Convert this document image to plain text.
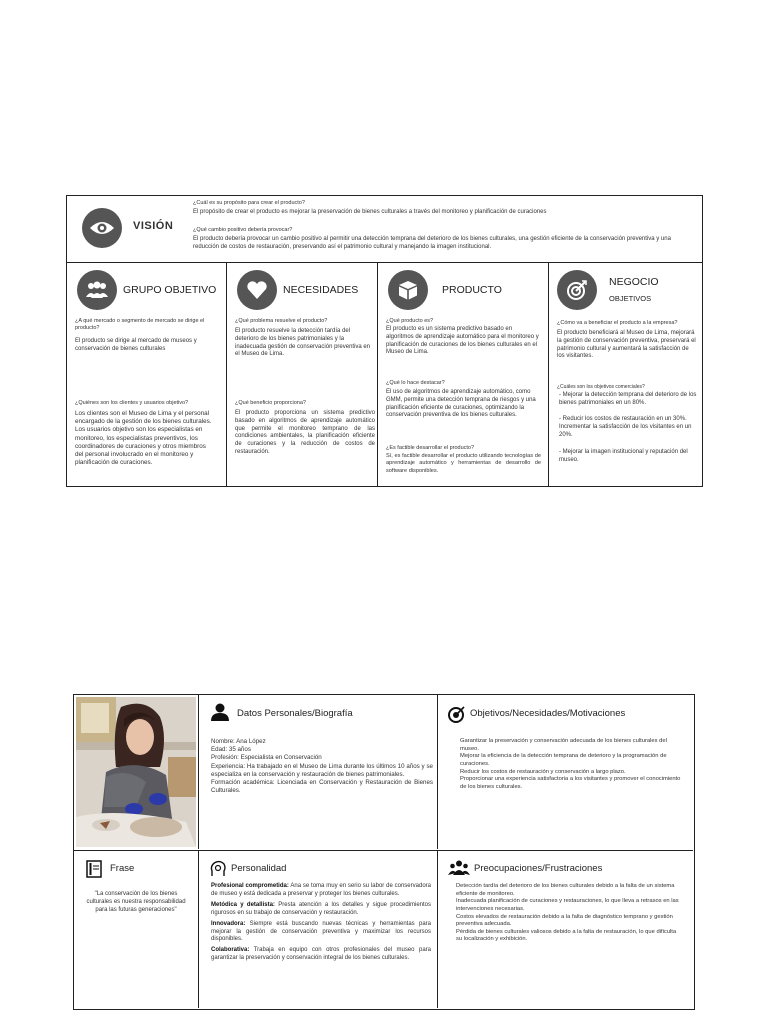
VISIÓN
¿Cuál es su propósito para crear el producto?
El propósito de crear el producto es mejorar la preservación de bienes culturales a través del monitoreo y planificación de curaciones
¿Qué cambio positivo debería provocar?
El producto debería provocar un cambio positivo al permitir una detección temprana del deterioro de los bienes culturales, una gestión eficiente de la conservación preventiva y una reducción de costos de restauración, preservando así el patrimonio cultural y manejando la imagen institucional.
GRUPO OBJETIVO
¿A qué mercado o segmento de mercado se dirige el producto?
El producto se dirige al mercado de museos y conservación de bienes culturales
¿Quiénes son los clientes y usuarios objetivo?
Los clientes son el Museo de Lima y el personal encargado de la gestión de los bienes culturales. Los usuarios objetivo son los especialistas en monitoreo, los especialistas preventivos, los coordinadores de curaciones y otros miembros del personal involucrado en el monitoreo y planificación de curaciones.
NECESIDADES
¿Qué problema resuelve el producto?
El producto resuelve la detección tardía del deterioro de los bienes patrimoniales y la inadecuada gestión de conservación preventiva en el Museo de Lima.
¿Qué beneficio proporciona?
El producto proporciona un sistema predictivo basado en algoritmos de aprendizaje automático que permite el monitoreo temprano de las condiciones ambientales, la planificación eficiente de curaciones y la reducción de costos de restauración.
PRODUCTO
¿Qué producto es?
El producto es un sistema predictivo basado en algoritmos de aprendizaje automático para el monitoreo y planificación de curaciones de los bienes culturales en el Museo de Lima.
¿Qué lo hace destacar?
El uso de algoritmos de aprendizaje automático, como GMM, permite una detección temprana de riesgos y una planificación eficiente de curaciones, optimizando la conservación preventiva de los bienes culturales.
¿Es factible desarrollar el producto?
Sí, es factible desarrollar el producto utilizando tecnologías de aprendizaje automático y herramientas de desarrollo de software disponibles.
NEGOCIO
OBJETIVOS
¿Cómo va a beneficiar el producto a la empresa?
El producto beneficiará al Museo de Lima, mejorará la gestión de conservación preventiva, preservará el patrimonio cultural y aumentará la satisfacción de los visitantes.
¿Cuáles son los objetivos comerciales?
- Mejorar la detección temprana del deterioro de los bienes patrimoniales en un 80%.
- Reducir los costos de restauración en un 30%. Incrementar la satisfacción de los visitantes en un 20%.
- Mejorar la imagen institucional y reputación del museo.
Datos Personales/Biografía
Nombre: Ana López
Edad: 35 años
Profesión: Especialista en Conservación
Experiencia: Ha trabajado en el Museo de Lima durante los últimos 10 años y se especializa en la conservación y restauración de bienes patrimoniales.
Formación académica: Licenciada en Conservación y Restauración de Bienes Culturales.
Objetivos/Necesidades/Motivaciones
Garantizar la preservación y conservación adecuada de los bienes culturales del museo.
Mejorar la eficiencia de la detección temprana de deterioro y la programación de curaciones.
Reducir los costos de restauración y conservación a largo plazo.
Proporcionar una experiencia satisfactoria a los visitantes y promover el conocimiento de los bienes culturales.
Frase
"La conservación de los bienes culturales es nuestra responsabilidad para las futuras generaciones"
Personalidad
Profesional comprometida: Ana se toma muy en serio su labor de conservadora de museo y está dedicada a preservar y proteger los bienes culturales.
Metódica y detallista: Presta atención a los detalles y sigue procedimientos rigurosos en su trabajo de conservación y restauración.
Innovadora: Siempre está buscando nuevas técnicas y herramientas para mejorar la gestión de conservación preventiva y maximizar los recursos disponibles.
Colaborativa: Trabaja en equipo con otros profesionales del museo para garantizar la preservación y conservación integral de los bienes culturales.
Preocupaciones/Frustraciones
Detección tardía del deterioro de los bienes culturales debido a la falta de un sistema eficiente de monitoreo.
Inadecuada planificación de curaciones y restauraciones, lo que lleva a retrasos en las intervenciones necesarias.
Costos elevados de restauración debido a la falta de diagnóstico temprano y gestión preventiva adecuada.
Pérdida de bienes culturales valiosos debido a la falta de restauración, lo que dificulta su localización y exhibición.
